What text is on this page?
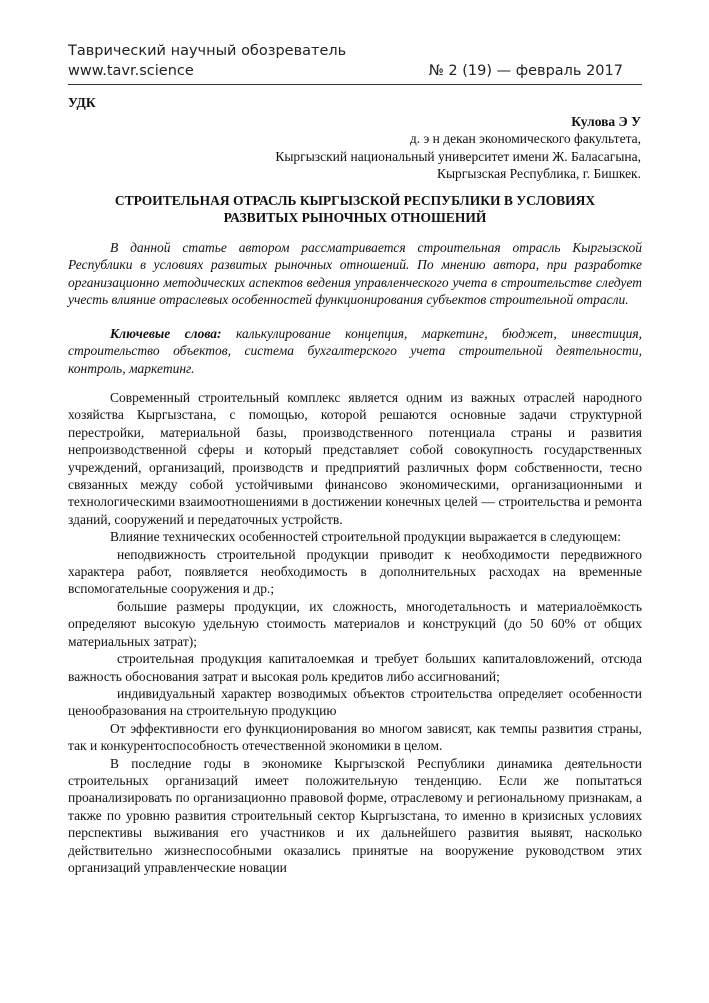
Таврический научный обозреватель
www.tavr.science	№ 2 (19) — февраль 2017
УДК
Кулова Э У
д. э н декан экономического факультета,
Кыргызский национальный университет имени Ж. Баласагына,
Кыргызская Республика, г. Бишкек.
СТРОИТЕЛЬНАЯ ОТРАСЛЬ КЫРГЫЗСКОЙ РЕСПУБЛИКИ В УСЛОВИЯХ
РАЗВИТЫХ РЫНОЧНЫХ ОТНОШЕНИЙ
В данной статье автором рассматривается строительная отрасль Кыргызской Республики в условиях развитых рыночных отношений. По мнению автора, при разработке организационно методических аспектов ведения управленческого учета в строительстве следует учесть влияние отраслевых особенностей функционирования субъектов строительной отрасли.
Ключевые слова: калькулирование концепция, маркетинг, бюджет, инвестиция, строительство объектов, система бухгалтерского учета строительной деятельности, контроль, маркетинг.

Современный строительный комплекс является одним из важных отраслей народного хозяйства Кыргызстана, с помощью, которой решаются основные задачи структурной перестройки, материальной базы, производственного потенциала страны и развития непроизводственной сферы и который представляет собой совокупность государственных учреждений, организаций, производств и предприятий различных форм собственности, тесно связанных между собой устойчивыми финансово экономическими, организационными и технологическими взаимоотношениями в достижении конечных целей — строительства и ремонта зданий, сооружений и передаточных устройств.

Влияние технических особенностей строительной продукции выражается в следующем:

неподвижность строительной продукции приводит к необходимости передвижного характера работ, появляется необходимость в дополнительных расходах на временные вспомогательные сооружения и др.;

большие размеры продукции, их сложность, многодетальность и материалоёмкость определяют высокую удельную стоимость материалов и конструкций (до 50 60% от общих материальных затрат);

строительная продукция капиталоемкая и требует больших капиталовложений, отсюда важность обоснования затрат и высокая роль кредитов либо ассигнований;

индивидуальный характер возводимых объектов строительства определяет особенности ценообразования на строительную продукцию

От эффективности его функционирования во многом зависят, как темпы развития страны, так и конкурентоспособность отечественной экономики в целом.

В последние годы в экономике Кыргызской Республики динамика деятельности строительных организаций имеет положительную тенденцию. Если же попытаться проанализировать по организационно правовой форме, отраслевому и региональному признакам, а также по уровню развития строительный сектор Кыргызстана, то именно в кризисных условиях перспективы выживания его участников и их дальнейшего развития выявят, насколько действительно жизнеспособными оказались принятые на вооружение руководством этих организаций управленческие новации
